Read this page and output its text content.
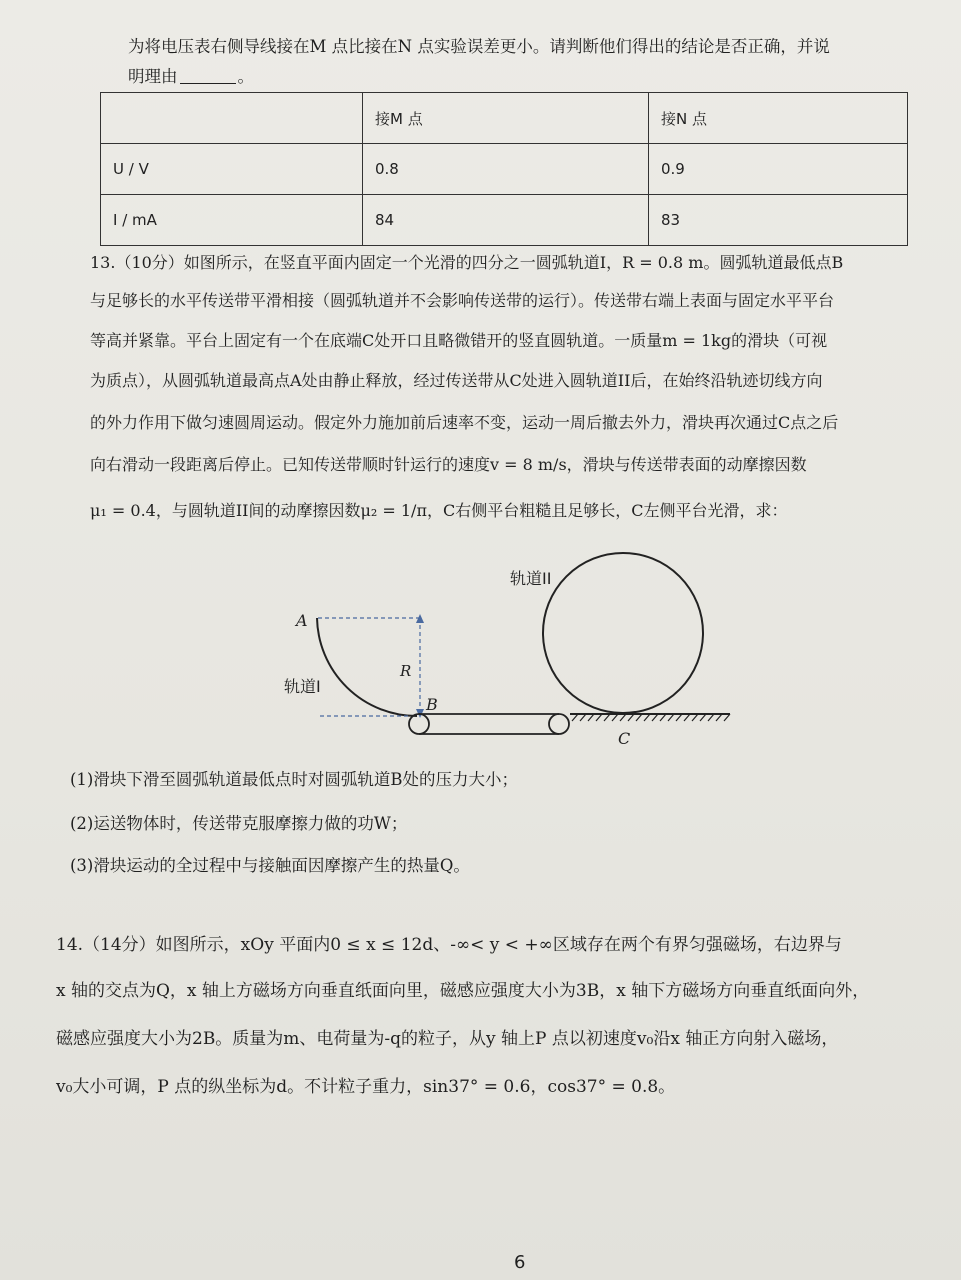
为将电压表右侧导线接在M 点比接在N 点实验误差更小。请判断他们得出的结论是否正确，并说
明理由	。
	接M 点	接N 点
U / V	0.8	0.9
I / mA	84	83
13.（10分）如图所示，在竖直平面内固定一个光滑的四分之一圆弧轨道I，R = 0.8 m。圆弧轨道最低点B
与足够长的水平传送带平滑相接（圆弧轨道并不会影响传送带的运行）。传送带右端上表面与固定水平平台
等高并紧靠。平台上固定有一个在底端C处开口且略微错开的竖直圆轨道。一质量m = 1kg的滑块（可视
为质点），从圆弧轨道最高点A处由静止释放，经过传送带从C处进入圆轨道II后，在始终沿轨迹切线方向
的外力作用下做匀速圆周运动。假定外力施加前后速率不变，运动一周后撤去外力，滑块再次通过C点之后
向右滑动一段距离后停止。已知传送带顺时针运行的速度v = 8 m/s，滑块与传送带表面的动摩擦因数
μ₁ = 0.4，与圆轨道II间的动摩擦因数μ₂ = 1/π，C右侧平台粗糙且足够长，C左侧平台光滑，求：
轨道II
A
轨道I
R
B
C
(1)滑块下滑至圆弧轨道最低点时对圆弧轨道B处的压力大小；
(2)运送物体时，传送带克服摩擦力做的功W；
(3)滑块运动的全过程中与接触面因摩擦产生的热量Q。
14.（14分）如图所示，xOy 平面内0 ≤ x ≤ 12d、-∞< y < +∞区域存在两个有界匀强磁场，右边界与
x 轴的交点为Q，x 轴上方磁场方向垂直纸面向里，磁感应强度大小为3B，x 轴下方磁场方向垂直纸面向外，
磁感应强度大小为2B。质量为m、电荷量为-q的粒子，从y 轴上P 点以初速度v₀沿x 轴正方向射入磁场，
v₀大小可调，P 点的纵坐标为d。不计粒子重力，sin37° = 0.6，cos37° = 0.8。
6
